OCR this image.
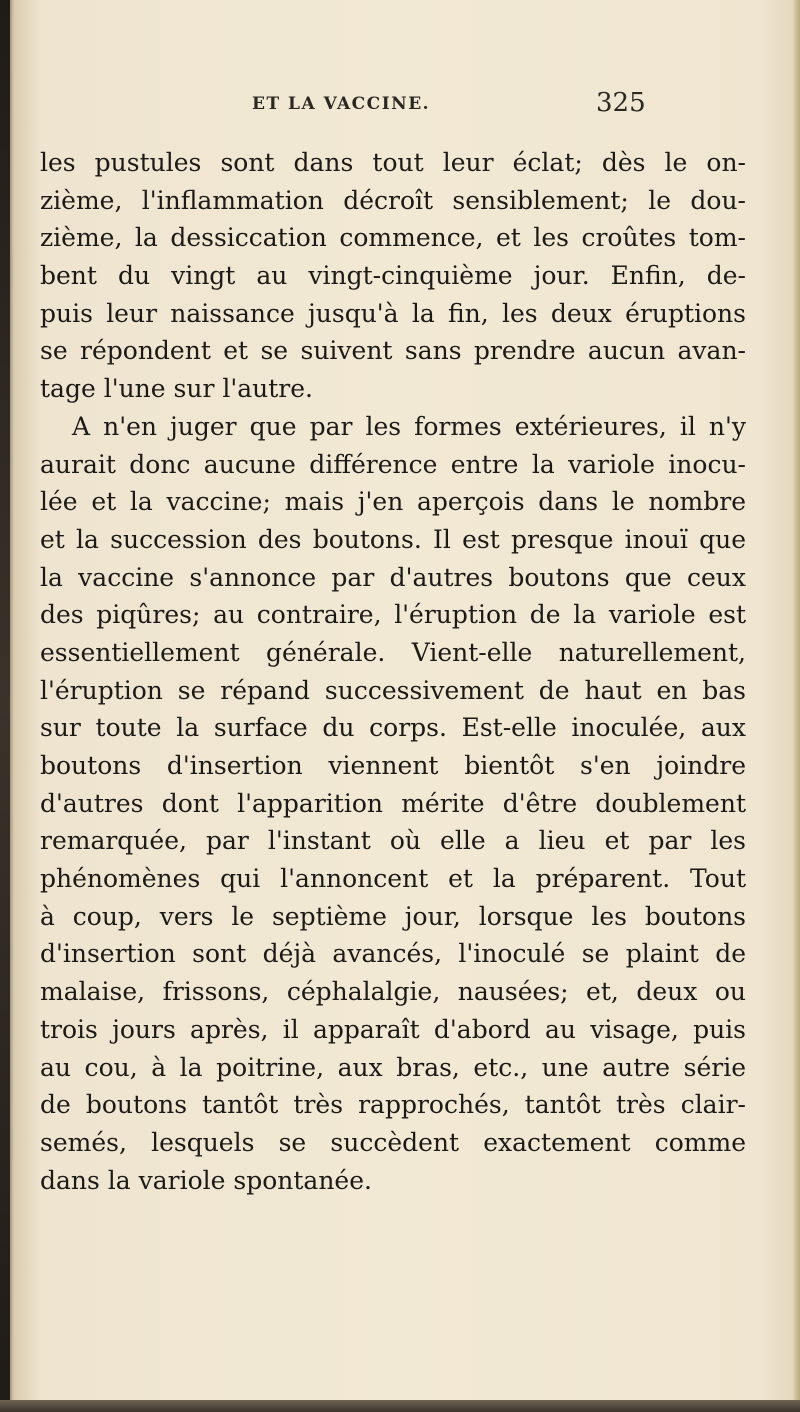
ET LA VACCINE.	325
les pustules sont dans tout leur éclat; dès le on-
zième, l'inflammation décroît sensiblement; le dou-
zième, la dessiccation commence, et les croûtes tom-
bent du vingt au vingt-cinquième jour. Enfin, de-
puis leur naissance jusqu'à la fin, les deux éruptions
se répondent et se suivent sans prendre aucun avan-
tage l'une sur l'autre.
A n'en juger que par les formes extérieures, il n'y
aurait donc aucune différence entre la variole inocu-
lée et la vaccine; mais j'en aperçois dans le nombre
et la succession des boutons. Il est presque inouï que
la vaccine s'annonce par d'autres boutons que ceux
des piqûres; au contraire, l'éruption de la variole est
essentiellement générale. Vient-elle naturellement,
l'éruption se répand successivement de haut en bas
sur toute la surface du corps. Est-elle inoculée, aux
boutons d'insertion viennent bientôt s'en joindre
d'autres dont l'apparition mérite d'être doublement
remarquée, par l'instant où elle a lieu et par les
phénomènes qui l'annoncent et la préparent. Tout
à coup, vers le septième jour, lorsque les boutons
d'insertion sont déjà avancés, l'inoculé se plaint de
malaise, frissons, céphalalgie, nausées; et, deux ou
trois jours après, il apparaît d'abord au visage, puis
au cou, à la poitrine, aux bras, etc., une autre série
de boutons tantôt très rapprochés, tantôt très clair-
semés, lesquels se succèdent exactement comme
dans la variole spontanée.
